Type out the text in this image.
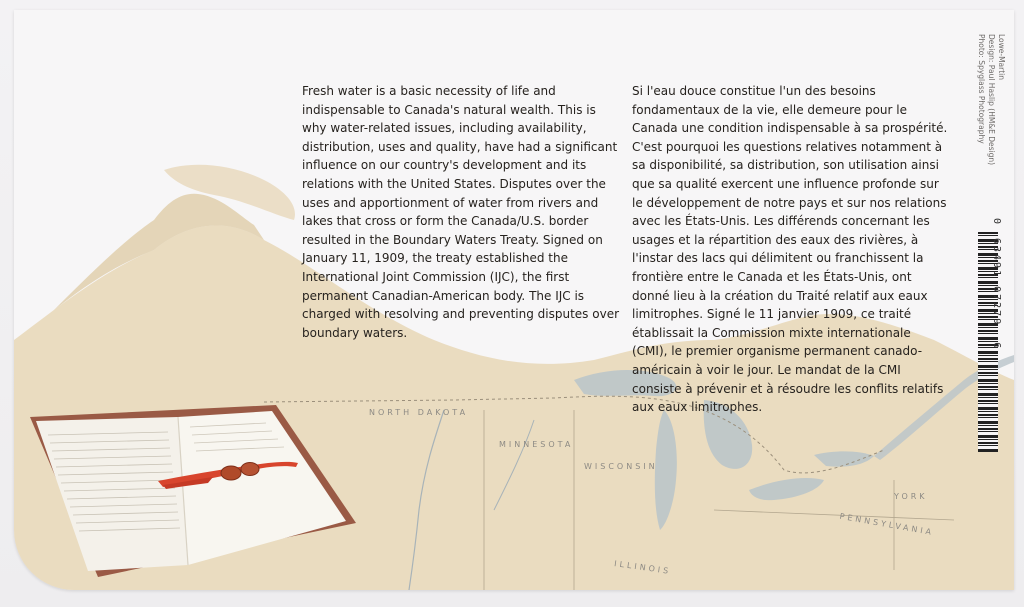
NORTH DAKOTA
MINNESOTA
WISCONSIN
ILLINOIS
YORK
PENNSYLVANIA

Fresh water is a basic necessity of life and indispensable to Canada's natural wealth. This is why water-related issues, including availability, distribution, uses and quality, have had a significant influence on our country's development and its relations with the United States. Disputes over the uses and apportionment of water from rivers and lakes that cross or form the Canada/U.S. border resulted in the Boundary Waters Treaty. Signed on January 11, 1909, the treaty established the International Joint Commission (IJC), the first permanent Canadian-American body. The IJC is charged with resolving and preventing disputes over boundary waters.

Si l'eau douce constitue l'un des besoins fondamentaux de la vie, elle demeure pour le Canada une condition indispensable à sa prospérité. C'est pourquoi les questions relatives notamment à sa disponibilité, sa distribution, son utilisation ainsi que sa qualité exercent une influence profonde sur le développement de notre pays et sur nos relations avec les États-Unis. Les différends concernant les usages et la répartition des eaux des rivières, à l'instar des lacs qui délimitent ou franchissent la frontière entre le Canada et les États-Unis, ont donné lieu à la création du Traité relatif aux eaux limitrophes. Signé le 11 janvier 1909, ce traité établissait la Commission mixte internationale (CMI), le premier organisme permanent canado-américain à voir le jour. Le mandat de la CMI consiste à prévenir et à résoudre les conflits relatifs aux eaux limitrophes.

Lowe-Martin
Design: Paul Haslip (HM&E Design)
Photo: Spyglass Photography
0
63491 07279 6
